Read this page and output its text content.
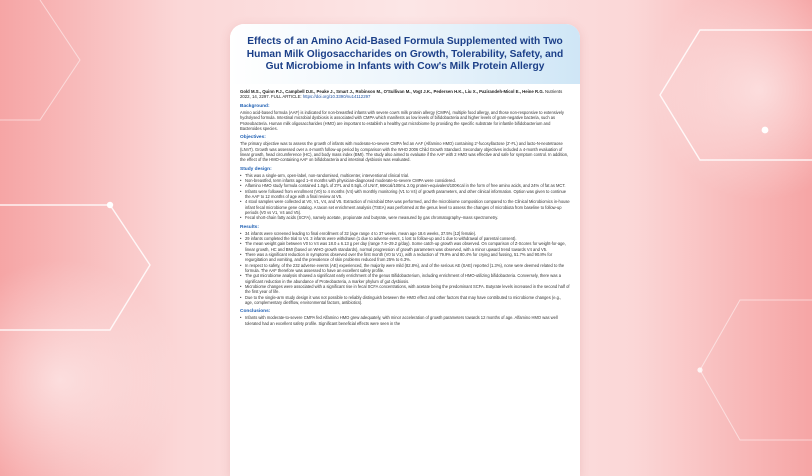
Effects of an Amino Acid-Based Formula Supplemented with Two Human Milk Oligosaccharides on Growth, Tolerability, Safety, and Gut Microbiome in Infants with Cow's Milk Protein Allergy

Gold M.S., Quinn P.J., Campbell D.E., Peake J., Smart J., Robinson M., O'Sullivan M., Vogt J.K., Pedersen H.K., Liu X., Pazirandeh-Micol E., Heine R.G. Nutrients 2022, 14, 2297. FULL ARTICLE: https://doi.org/10.3390/nu14112297

Background:

Amino acid-based formula (AAF) is indicated for non-breastfed infants with severe cow's milk protein allergy (CMPA), multiple food allergy, and those non-responsive to extensively hydrolysed formula. Intestinal microbial dysbiosis is associated with CMPA which manifests as low levels of bifidobacteria and higher levels of gram-negative bacteria, such as Proteobacteria. Human milk oligosaccharides (HMO) are important to establish a healthy gut microbiome by providing the specific substrate for infantile bifidobacterium and Bacteroides species.

Objectives:

The primary objective was to assess the growth of infants with moderate-to-severe CMPA fed an AAF (Alfamino HMO) containing 2'-fucosyllactose (2'-FL) and lacto-N-neotetraose (LNnT). Growth was assessed over a 4-month follow-up period by comparison with the WHO 2006 Child Growth Standard. Secondary objectives included a 4-month evaluation of linear growth, head circumference (HC), and body mass index (BMI). The study also aimed to evaluate if the AAF with 2 HMO was effective and safe for symptom control. In addition, the effect of the HMO-containing AAF on bifidobacteria and intestinal dysbiosis was evaluated.

Study design:
• This was a single-arm, open-label, non-randomised, multicenter, interventional clinical trial.
• Non-breastfed, term infants aged 1–8 months with physician-diagnosed moderate-to-severe CMPA were considered.
• Alfamino HMO study formula contained 1.0g/L of 2'FL and 0.5g/L of LNnT, 66Kcal/100mL 2.0g protein-equivalent/100Kcal in the form of free amino acids, and 24% of fat as MCT.
• Infants were followed from enrollment (V0) to 4 months (V4) with monthly monitoring (V1 to V4) of growth parameters, and other clinical information. Option was given to continue the AAF to 12 months of age with a final review at V5.
• 4 stool samples were collected at V0, V1, V4, and V5. Extraction of microbial DNA was performed, and the microbiome composition compared to the Clinical Microbiomics in-house infant fecal microbiome gene catalog. A taxon set enrichment analysis (TSEA) was performed at the genus level to assess the changes of microbiota from baseline to follow-up periods (V0 vs V1, V4 and V5).
• Fecal short-chain fatty acids (SCFA), namely acetate, propionate and butyrate, were measured by gas chromatography–mass spectrometry.
Results:
• 34 infants were screened leading to final enrollment of 32 (age range 4 to 37 weeks, mean age 18.6 weeks, 37.5% [12] female).
• 29 infants completed the trial to V4. 3 infants were withdrawn (1 due to adverse event, 1 lost to follow-up and 1 due to withdrawal of parental consent).
• The mean weight gain between V0 to V4 was 18.0 ± 6.13 g per day (range 7.6–29.2 g/day). Some catch-up growth was observed. On comparison of Z-Scores for weight-for-age, linear growth, HC and BMI (based on WHO growth standards), normal progression of growth parameters was observed, with a minor upward trend towards V4 and V5.
• There was a significant reduction in symptoms observed over the first month (V0 to V1), with a reduction of 79.9% and 80.4% for crying and fussing, 51.7% and 90.8% for regurgitation and vomiting, and the prevalence of skin problems reduced from 25% to 6.3%.
• In respect to safety, of the 232 adverse events (AE) experienced, the majority were mild (82.8%), and of the serious AE (SAE) reported (1.3%), none were deemed related to the formula. The AAF therefore was assessed to have an excellent safety profile.
• The gut microbiome analysis showed a significant early enrichment of the genus Bifidobacterium, including enrichment of HMO-utilizing bifidobacteria. Conversely, there was a significant reduction in the abundance of Proteobacteria, a marker phylum of gut dysbiosis.
• Microbiome changes were associated with a significant rise in fecal SCFA concentrations, with acetate being the predominant SCFA. Butyrate levels increased in the second half of the first year of life.
• Due to the single-arm study design it was not possible to reliably distinguish between the HMO effect and other factors that may have contributed to microbiome changes (e.g., age, complementary diet/flow, environmental factors, antibiotics).
Conclusions:
• Infants with moderate-to-severe CMPA fed Alfamino HMO grew adequately, with minor acceleration of growth parameters towards 12 months of age. Alfamino HMO was well tolerated had an excellent safety profile. Significant beneficial effects were seen in the
